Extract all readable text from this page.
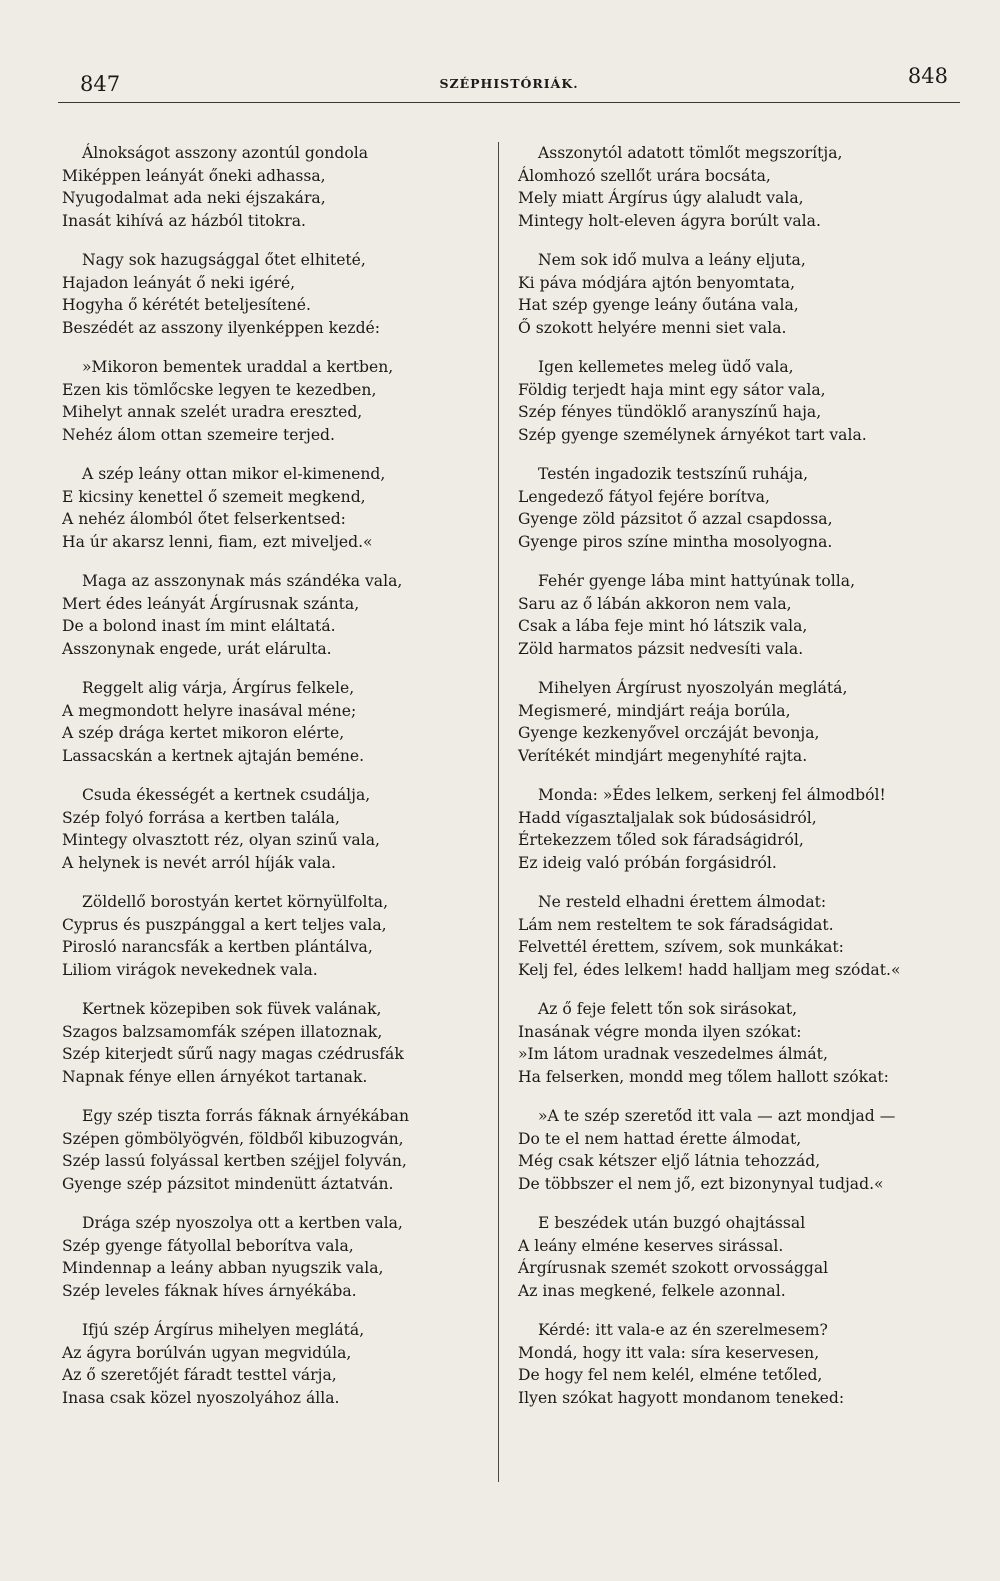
847	SZÉPHISTÓRIÁK.	848
Álnokságot asszony azontúl gondola
Miképpen leányát őneki adhassa,
Nyugodalmat ada neki éjszakára,
Inasát kihívá az házból titokra.
Nagy sok hazugsággal őtet elhiteté,
Hajadon leányát ő neki igéré,
Hogyha ő kérétét beteljesítené.
Beszédét az asszony ilyenképpen kezdé:
»Mikoron bementek uraddal a kertben,
Ezen kis tömlőcske legyen te kezedben,
Mihelyt annak szelét uradra ereszted,
Nehéz álom ottan szemeire terjed.
A szép leány ottan mikor el-kimenend,
E kicsiny kenettel ő szemeit megkend,
A nehéz álomból őtet felserkentsed:
Ha úr akarsz lenni, fiam, ezt miveljed.«
Maga az asszonynak más szándéka vala,
Mert édes leányát Árgírusnak szánta,
De a bolond inast ím mint eláltatá.
Asszonynak engede, urát elárulta.
Reggelt alig várja, Árgírus felkele,
A megmondott helyre inasával méne;
A szép drága kertet mikoron elérte,
Lassacskán a kertnek ajtaján beméne.
Csuda ékességét a kertnek csudálja,
Szép folyó forrása a kertben talála,
Mintegy olvasztott réz, olyan szinű vala,
A helynek is nevét arról híják vala.
Zöldellő borostyán kertet környülfolta,
Cyprus és puszpánggal a kert teljes vala,
Pirosló narancsfák a kertben plántálva,
Liliom virágok nevekednek vala.
Kertnek közepiben sok füvek valának,
Szagos balzsamomfák szépen illatoznak,
Szép kiterjedt sűrű nagy magas czédrusfák
Napnak fénye ellen árnyékot tartanak.
Egy szép tiszta forrás fáknak árnyékában
Szépen gömbölyögvén, földből kibuzogván,
Szép lassú folyással kertben széjjel folyván,
Gyenge szép pázsitot mindenütt áztatván.
Drága szép nyoszolya ott a kertben vala,
Szép gyenge fátyollal beborítva vala,
Mindennap a leány abban nyugszik vala,
Szép leveles fáknak híves árnyékába.
Ifjú szép Árgírus mihelyen meglátá,
Az ágyra borúlván ugyan megvidúla,
Az ő szeretőjét fáradt testtel várja,
Inasa csak közel nyoszolyához álla.
Asszonytól adatott tömlőt megszorítja,
Álomhozó szellőt urára bocsáta,
Mely miatt Árgírus úgy alaludt vala,
Mintegy holt-eleven ágyra borúlt vala.
Nem sok idő mulva a leány eljuta,
Ki páva módjára ajtón benyomtata,
Hat szép gyenge leány őutána vala,
Ő szokott helyére menni siet vala.
Igen kellemetes meleg üdő vala,
Földig terjedt haja mint egy sátor vala,
Szép fényes tündöklő aranyszínű haja,
Szép gyenge személynek árnyékot tart vala.
Testén ingadozik testszínű ruhája,
Lengedező fátyol fejére borítva,
Gyenge zöld pázsitot ő azzal csapdossa,
Gyenge piros színe mintha mosolyogna.
Fehér gyenge lába mint hattyúnak tolla,
Saru az ő lábán akkoron nem vala,
Csak a lába feje mint hó látszik vala,
Zöld harmatos pázsit nedvesíti vala.
Mihelyen Árgírust nyoszolyán meglátá,
Megismeré, mindjárt reája borúla,
Gyenge kezkenyővel orczáját bevonja,
Verítékét mindjárt megenyhíté rajta.
Monda: »Édes lelkem, serkenj fel álmodból!
Hadd vígasztaljalak sok búdosásidról,
Értekezzem tőled sok fáradságidról,
Ez ideig való próbán forgásidról.
Ne resteld elhadni érettem álmodat:
Lám nem resteltem te sok fáradságidat.
Felvettél érettem, szívem, sok munkákat:
Kelj fel, édes lelkem! hadd halljam meg szódat.«
Az ő feje felett tőn sok sirásokat,
Inasának végre monda ilyen szókat:
»Im látom uradnak veszedelmes álmát,
Ha felserken, mondd meg tőlem hallott szókat:
»A te szép szeretőd itt vala — azt mondjad —
Do te el nem hattad érette álmodat,
Még csak kétszer eljő látnia tehozzád,
De többszer el nem jő, ezt bizonynyal tudjad.«
E beszédek után buzgó ohajtással
A leány elméne keserves sirással.
Árgírusnak szemét szokott orvossággal
Az inas megkené, felkele azonnal.
Kérdé: itt vala-e az én szerelmesem?
Mondá, hogy itt vala: síra keservesen,
De hogy fel nem kelél, elméne tetőled,
Ilyen szókat hagyott mondanom teneked:
